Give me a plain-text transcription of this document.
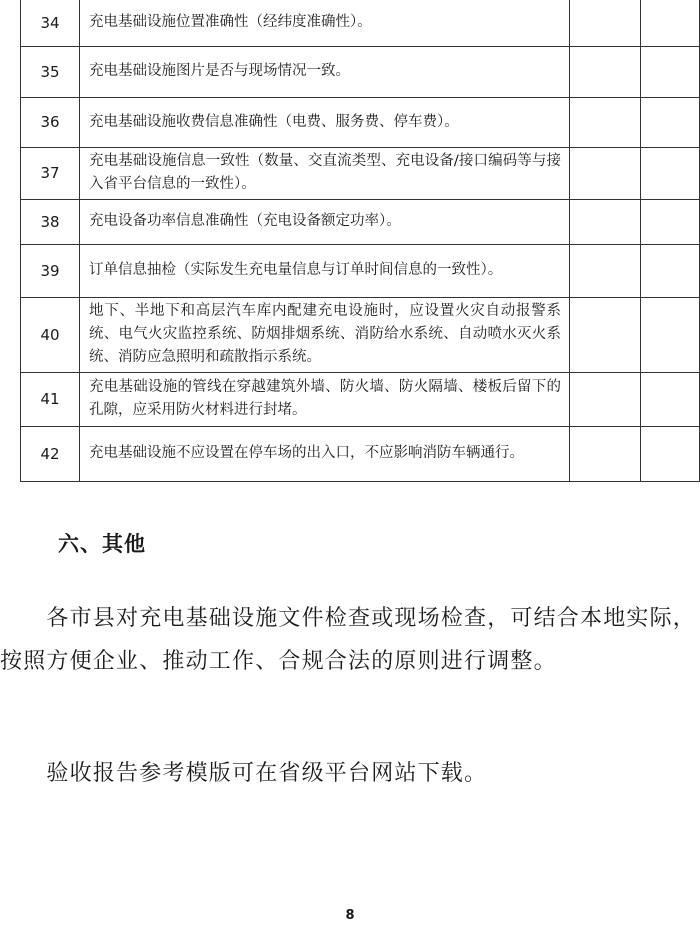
34	充电基础设施位置准确性（经纬度准确性）。		
35	充电基础设施图片是否与现场情况一致。		
36	充电基础设施收费信息准确性（电费、服务费、停车费）。		
37	充电基础设施信息一致性（数量、交直流类型、充电设备/接口编码等与接入省平台信息的一致性）。		
38	充电设备功率信息准确性（充电设备额定功率）。		
39	订单信息抽检（实际发生充电量信息与订单时间信息的一致性）。		
40	地下、半地下和高层汽车库内配建充电设施时，应设置火灾自动报警系统、电气火灾监控系统、防烟排烟系统、消防给水系统、自动喷水灭火系统、消防应急照明和疏散指示系统。		
41	充电基础设施的管线在穿越建筑外墙、防火墙、防火隔墙、楼板后留下的孔隙，应采用防火材料进行封堵。		
42	充电基础设施不应设置在停车场的出入口，不应影响消防车辆通行。		
六、其他

　　各市县对充电基础设施文件检查或现场检查，可结合本地实际，按照方便企业、推动工作、合规合法的原则进行调整。

　　验收报告参考模版可在省级平台网站下载。

8
